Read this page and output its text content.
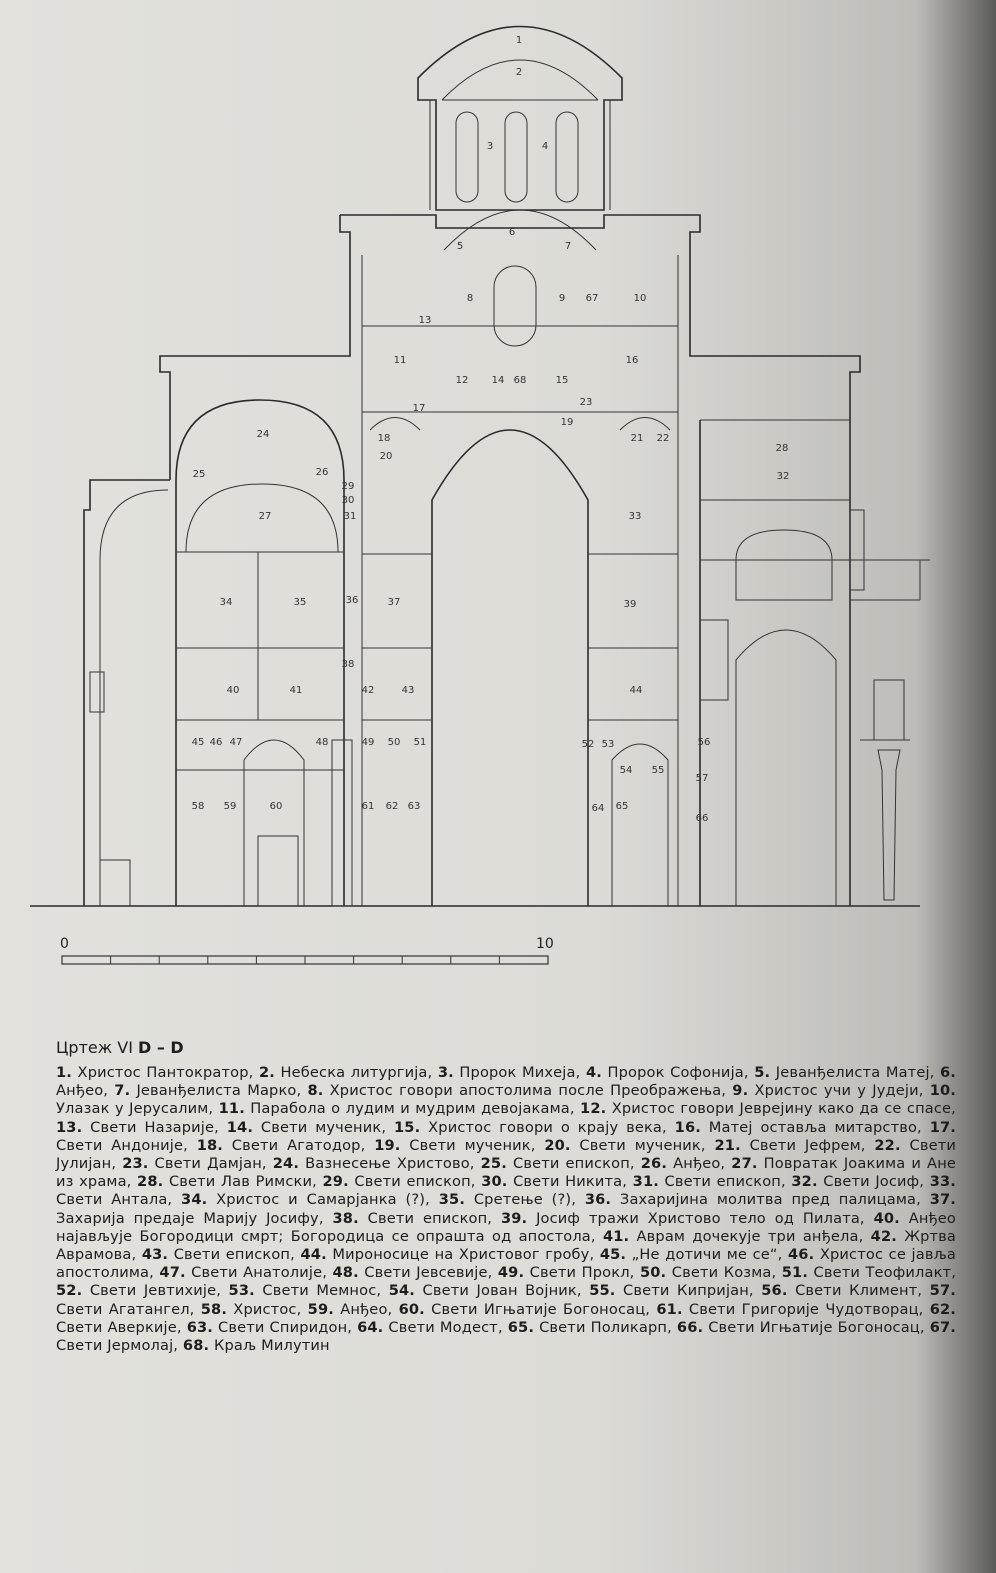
1
2
3	4
5
6
7
8	9	10
11
12
13
14	15
16
17
18
19
20
21 22
23
24
25	26
27
28
29
30
31
32
33
34	35	36	37
38
39
40	41	42	43	44
45 46 47	48	49 50 51	52 53
54 55
56
57
58 59	60	61 62 63	64 65
66
67
68
0	10
Цртеж VI D – D
1. Христос Пантократор, 2. Небеска литургија, 3. Пророк Михеја, 4. Пророк Софонија, 5. Јеванђелиста Матеј, 6. Анђео, 7. Јеванђелиста Марко, 8. Христос говори апостолима после Преображења, 9. Христос учи у Јудеји, 10. Улазак у Јерусалим, 11. Парабола о лудим и мудрим девојакама, 12. Христос говори Јевреjину како да се спасе, 13. Свети Назарије, 14. Свети мученик, 15. Христос говори о крају века, 16. Матеј оставља митарство, 17. Свети Андоније, 18. Свети Агатодор, 19. Свети мученик, 20. Свети мученик, 21. Свети Јефрем, 22. Свети Јулијан, 23. Свети Дамјан, 24. Вазнесење Христово, 25. Свети епископ, 26. Анђео, 27. Повратак Јоакима и Ане из храма, 28. Свети Лав Римски, 29. Свети епископ, 30. Свети Никита, 31. Свети епископ, 32. Свети Јосиф, 33. Свети Антала, 34. Христос и Самарјанка (?), 35. Сретење (?), 36. Захаријина молитва пред палицама, 37. Захарија предаје Марију Јосифу, 38. Свети епископ, 39. Јосиф тражи Христово тело од Пилата, 40. Анђео најављује Богородици смрт; Богородица се опрашта од апостола, 41. Аврам дочекује три анђела, 42. Жртва Аврамова, 43. Свети епископ, 44. Мироносице на Христовог гробу, 45. „Не дотичи ме се“, 46. Христос се јавља апостолима, 47. Свети Анатолије, 48. Свети Јевсевије, 49. Свети Прокл, 50. Свети Козма, 51. Свети Теофилакт, 52. Свети Јевтихије, 53. Свети Мемнос, 54. Свети Јован Војник, 55. Свети Кипријан, 56. Свети Климент, 57. Свети Агатангел, 58. Христос, 59. Анђео, 60. Свети Игњатије Богоносац, 61. Свети Григорије Чудотворац, 62. Свети Аверкије, 63. Свети Спиридон, 64. Свети Модест, 65. Свети Поликарп, 66. Свети Игњатије Богоносац, 67. Свети Јермолај, 68. Краљ Милутин
